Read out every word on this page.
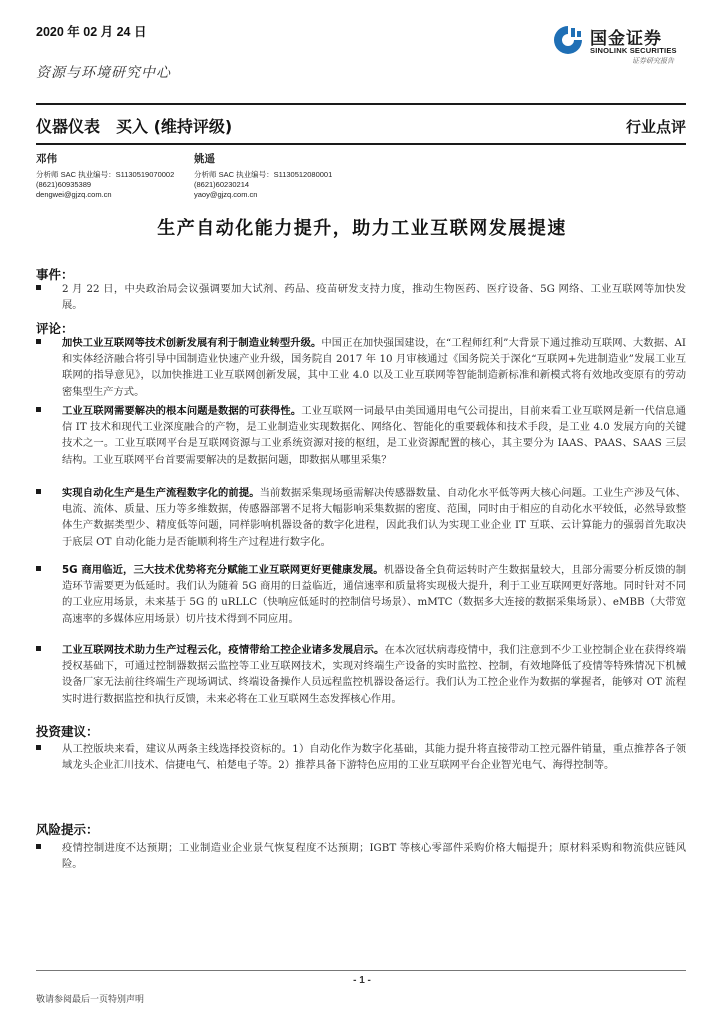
2020 年 02 月 24 日
资源与环境研究中心
国金证券
SINOLINK SECURITIES
证券研究报告
仪器仪表 买入 (维持评级)	行业点评
邓伟
分析师 SAC 执业编号：S1130519070002
(8621)60935389
dengwei@gjzq.com.cn
姚遥
分析师 SAC 执业编号：S1130512080001
(8621)60230214
yaoy@gjzq.com.cn
生产自动化能力提升，助力工业互联网发展提速
事件：
2 月 22 日，中央政治局会议强调要加大试剂、药品、疫苗研发支持力度，推动生物医药、医疗设备、5G 网络、工业互联网等加快发展。
评论：
加快工业互联网等技术创新发展有利于制造业转型升级。中国正在加快强国建设，在“工程师红利”大背景下通过推动互联网、大数据、AI 和实体经济融合将引导中国制造业快速产业升级，国务院自 2017 年 10 月审核通过《国务院关于深化“互联网+先进制造业”发展工业互联网的指导意见》，以加快推进工业互联网创新发展，其中工业 4.0 以及工业互联网等智能制造新标准和新模式将有效地改变原有的劳动密集型生产方式。
工业互联网需要解决的根本问题是数据的可获得性。工业互联网一词最早由美国通用电气公司提出，目前来看工业互联网是新一代信息通信 IT 技术和现代工业深度融合的产物，是工业制造业实现数据化、网络化、智能化的重要载体和技术手段，是工业 4.0 发展方向的关键技术之一。工业互联网平台是互联网资源与工业系统资源对接的枢纽，是工业资源配置的核心，其主要分为 IAAS、PAAS、SAAS 三层结构。工业互联网平台首要需要解决的是数据问题，即数据从哪里采集？
实现自动化生产是生产流程数字化的前提。当前数据采集现场亟需解决传感器数量、自动化水平低等两大核心问题。工业生产涉及气体、电流、流体、质量、压力等多维数据，传感器部署不足将大幅影响采集数据的密度、范围，同时由于相应的自动化水平较低，必然导致整体生产数据类型少、精度低等问题，同样影响机器设备的数字化进程，因此我们认为实现工业企业 IT 互联、云计算能力的强弱首先取决于底层 OT 自动化能力是否能顺利将生产过程进行数字化。
5G 商用临近，三大技术优势将充分赋能工业互联网更好更健康发展。机器设备全負荷运转时产生数据量较大，且部分需要分析反馈的制造环节需要更为低延时。我们认为随着 5G 商用的日益临近，通信速率和质量将实现极大提升，利于工业互联网更好落地。同时针对不同的工业应用场景，未来基于 5G 的 uRLLC（快响应低延时的控制信号场景）、mMTC（数据多大连接的数据采集场景）、eMBB（大带宽高速率的多媒体应用场景）切片技术得到不同应用。
工业互联网技术助力生产过程云化，疫情带给工控企业诸多发展启示。在本次冠状病毒疫情中，我们注意到不少工业控制企业在获得终端授权基础下，可通过控制器数据云监控等工业互联网技术，实现对终端生产设备的实时监控、控制，有效地降低了疫情等特殊情况下机械设备厂家无法前往终端生产现场调试、终端设备操作人员远程监控机器设备运行。我们认为工控企业作为数据的掌握者，能够对 OT 流程实时进行数据监控和执行反馈，未来必将在工业互联网生态发挥核心作用。
投资建议：
从工控版块来看，建议从两条主线选择投资标的。1）自动化作为数字化基础，其能力提升将直接带动工控元器件销量，重点推荐各子领域龙头企业汇川技术、信捷电气、柏楚电子等。2）推荐具备下游特色应用的工业互联网平台企业智光电气、海得控制等。
风险提示：
疫情控制进度不达预期；工业制造业企业景气恢复程度不达预期；IGBT 等核心零部件采购价格大幅提升；原材料采购和物流供应链风险。
- 1 -
敬请参阅最后一页特别声明
